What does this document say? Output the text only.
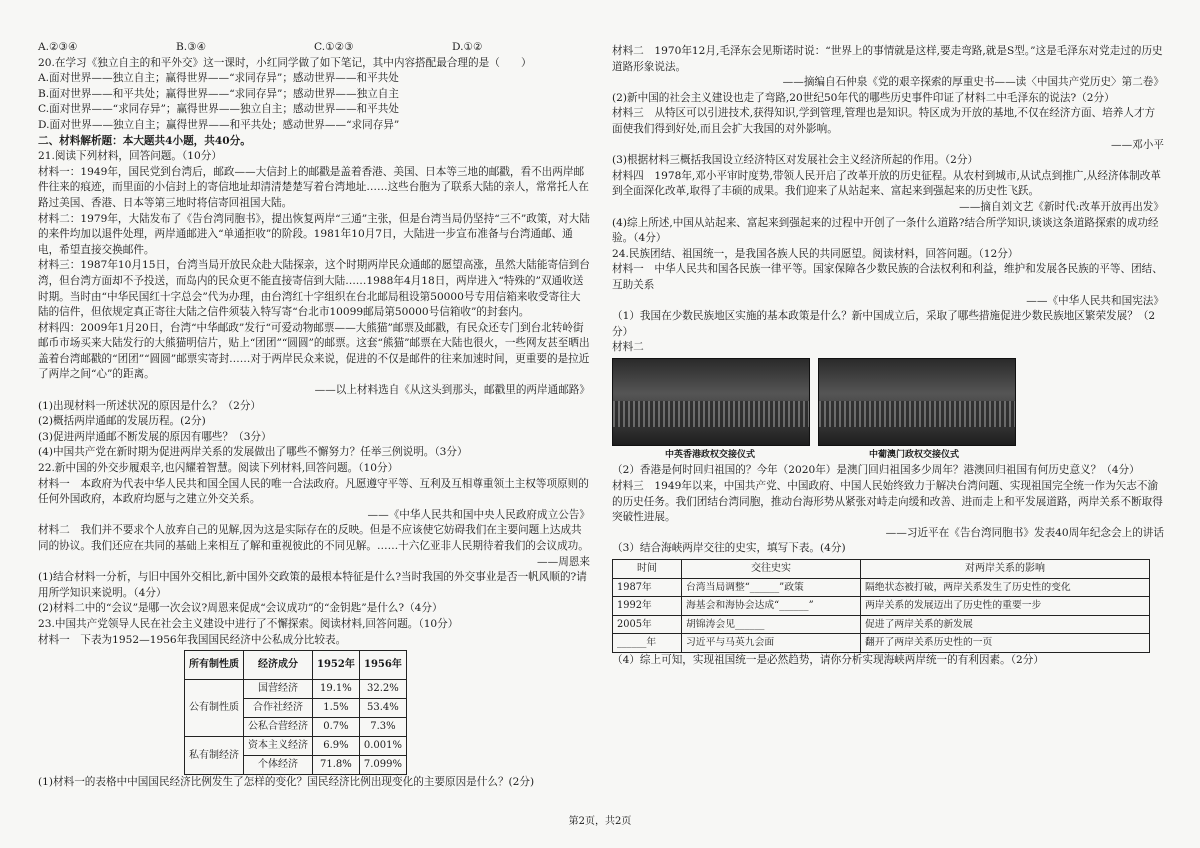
A.②③④	B.③④	C.①②③	D.①②
20.在学习《独立自主的和平外交》这一课时，小红同学做了如下笔记，其中内容搭配最合理的是（　　）
A.面对世界——独立自主；赢得世界——“求同存异”；感动世界——和平共处
B.面对世界——和平共处；赢得世界——“求同存异”；感动世界——独立自主
C.面对世界——“求同存异”；赢得世界——独立自主；感动世界——和平共处
D.面对世界——独立自主；赢得世界——和平共处；感动世界——“求同存异”
二、材料解析题：本大题共4小题，共40分。
21.阅读下列材料，回答问题。（10分）
材料一：1949年，国民党到台湾后，邮政——大信封上的邮戳是盖着香港、美国、日本等三地的邮戳，看不出两岸邮件往来的痕迹，而里面的小信封上的寄信地址却清清楚楚写着台湾地址……这些台胞为了联系大陆的亲人，常常托人在路过美国、香港、日本等第三地时将信寄回祖国大陆。
材料二：1979年，大陆发布了《告台湾同胞书》，提出恢复两岸“三通”主张，但是台湾当局仍坚持“三不”政策，对大陆的来件均加以退件处理，两岸通邮进入“单通拒收”的阶段。1981年10月7日，大陆进一步宣布准备与台湾通邮、通电，希望直接交换邮件。
材料三：1987年10月15日，台湾当局开放民众赴大陆探亲，这个时期两岸民众通邮的愿望高涨，虽然大陆能寄信到台湾，但台湾方面却不予投送，而岛内的民众更不能直接寄信到大陆……1988年4月18日，两岸进入“特殊的”双通收送时期。当时由“中华民国红十字总会”代为办理，由台湾红十字组织在台北邮局租设第50000号专用信箱来收受寄往大陆的信件，但依规定真正寄往大陆之信件须装入特写寄“台北市10099邮局第50000号信箱收”的封套内。
材料四：2009年1月20日，台湾“中华邮政”发行“可爱动物邮票——大熊猫”邮票及邮戳，有民众还专门到台北转岭街邮币市场买来大陆发行的大熊猫明信片，贴上“团团”“圆圆”的邮票。这套“熊猫”邮票在大陆也很火，一些网友甚至晒出盖着台湾邮戳的“团团”“圆圆”邮票实寄封……对于两岸民众来说，促进的不仅是邮件的往来加速时间，更重要的是拉近了两岸之间“心”的距离。
——以上材料选自《从这头到那头，邮戳里的两岸通邮路》
(1)出现材料一所述状况的原因是什么？（2分）
(2)概括两岸通邮的发展历程。(2分)
(3)促进两岸通邮不断发展的原因有哪些？（3分）
(4)中国共产党在新时期为促进两岸关系的发展做出了哪些不懈努力？任举三例说明。（3分）
22.新中国的外交步履艰辛,也闪耀着智慧。阅读下列材料,回答问题。（10分）
材料一　本政府为代表中华人民共和国全国人民的唯一合法政府。凡愿遵守平等、互利及互相尊重领土主权等项原则的任何外国政府，本政府均愿与之建立外交关系。
——《中华人民共和国中央人民政府成立公告》
材料二　我们并不要求个人放弃自己的见解,因为这是实际存在的反映。但是不应该使它妨碍我们在主要问题上达成共同的协议。我们还应在共同的基础上来相互了解和重视彼此的不同见解。……十六亿亚非人民期待着我们的会议成功。
——周恩来
(1)结合材料一分析，与旧中国外交相比,新中国外交政策的最根本特征是什么?当时我国的外交事业是否一帆风顺的?请用所学知识来说明。（4分）
(2)材料二中的“会议”是哪一次会议?周恩来促成“会议成功”的“金钥匙”是什么?（4分）
23.中国共产党领导人民在社会主义建设中进行了不懈探索。阅读材料,回答问题。（10分）
材料一　下表为1952—1956年我国国民经济中公私成分比较表。
所有制性质	经济成分	1952年	1956年
公有制性质	国营经济	19.1%	32.2%
	合作社经济	1.5%	53.4%
	公私合营经济	0.7%	7.3%
私有制经济	资本主义经济	6.9%	0.001%
	个体经济	71.8%	7.099%
(1)材料一的表格中中国国民经济比例发生了怎样的变化？国民经济比例出现变化的主要原因是什么？(2分)
材料二　1970年12月,毛泽东会见斯诺时说：“世界上的事情就是这样,要走弯路,就是S型。”这是毛泽东对党走过的历史道路形象说法。
——摘编自石仲泉《党的艰辛探索的厚重史书——读〈中国共产党历史〉第二卷》
(2)新中国的社会主义建设也走了弯路,20世纪50年代的哪些历史事件印证了材料二中毛泽东的说法?（2分）
材料三　从特区可以引进技术,获得知识,学到管理,管理也是知识。特区成为开放的基地,不仅在经济方面、培养人才方面使我们得到好处,而且会扩大我国的对外影响。
——邓小平
(3)根据材料三概括我国设立经济特区对发展社会主义经济所起的作用。（2分）
材料四　1978年,邓小平审时度势,带领人民开启了改革开放的历史征程。从农村到城市,从试点到推广,从经济体制改革到全面深化改革,取得了丰硕的成果。我们迎来了从站起来、富起来到强起来的历史性飞跃。
——摘自刘文艺《新时代:改革开放再出发》
(4)综上所述,中国从站起来、富起来到强起来的过程中开创了一条什么道路?结合所学知识,谈谈这条道路探索的成功经验。（4分）
24.民族团结、祖国统一，是我国各族人民的共同愿望。阅读材料，回答问题。（12分）
材料一　中华人民共和国各民族一律平等。国家保障各少数民族的合法权利和利益，维护和发展各民族的平等、团结、互助关系
——《中华人民共和国宪法》
（1）我国在少数民族地区实施的基本政策是什么？新中国成立后，采取了哪些措施促进少数民族地区繁荣发展？（2分）
材料二
中英香港政权交接仪式	中葡澳门政权交接仪式
（2）香港是何时回归祖国的？今年（2020年）是澳门回归祖国多少周年？港澳回归祖国有何历史意义？（4分）
材料三　1949年以来，中国共产党、中国政府、中国人民始终致力于解决台湾问题、实现祖国完全统一作为矢志不渝的历史任务。我们团结台湾同胞，推动台海形势从紧张对峙走向缓和改善、进而走上和平发展道路，两岸关系不断取得突破性进展。
——习近平在《告台湾同胞书》发表40周年纪念会上的讲话
（3）结合海峡两岸交往的史实，填写下表。(4分)
时间	交往史实	对两岸关系的影响
1987年	台湾当局调整“______”政策	隔绝状态被打破，两岸关系发生了历史性的变化
1992年	海基会和海协会达成“______”	两岸关系的发展迈出了历史性的重要一步
2005年	胡锦涛会见______	促进了两岸关系的新发展
______年	习近平与马英九会面	翻开了两岸关系历史性的一页
（4）综上可知，实现祖国统一是必然趋势，请你分析实现海峡两岸统一的有利因素。（2分）
第2页，共2页
